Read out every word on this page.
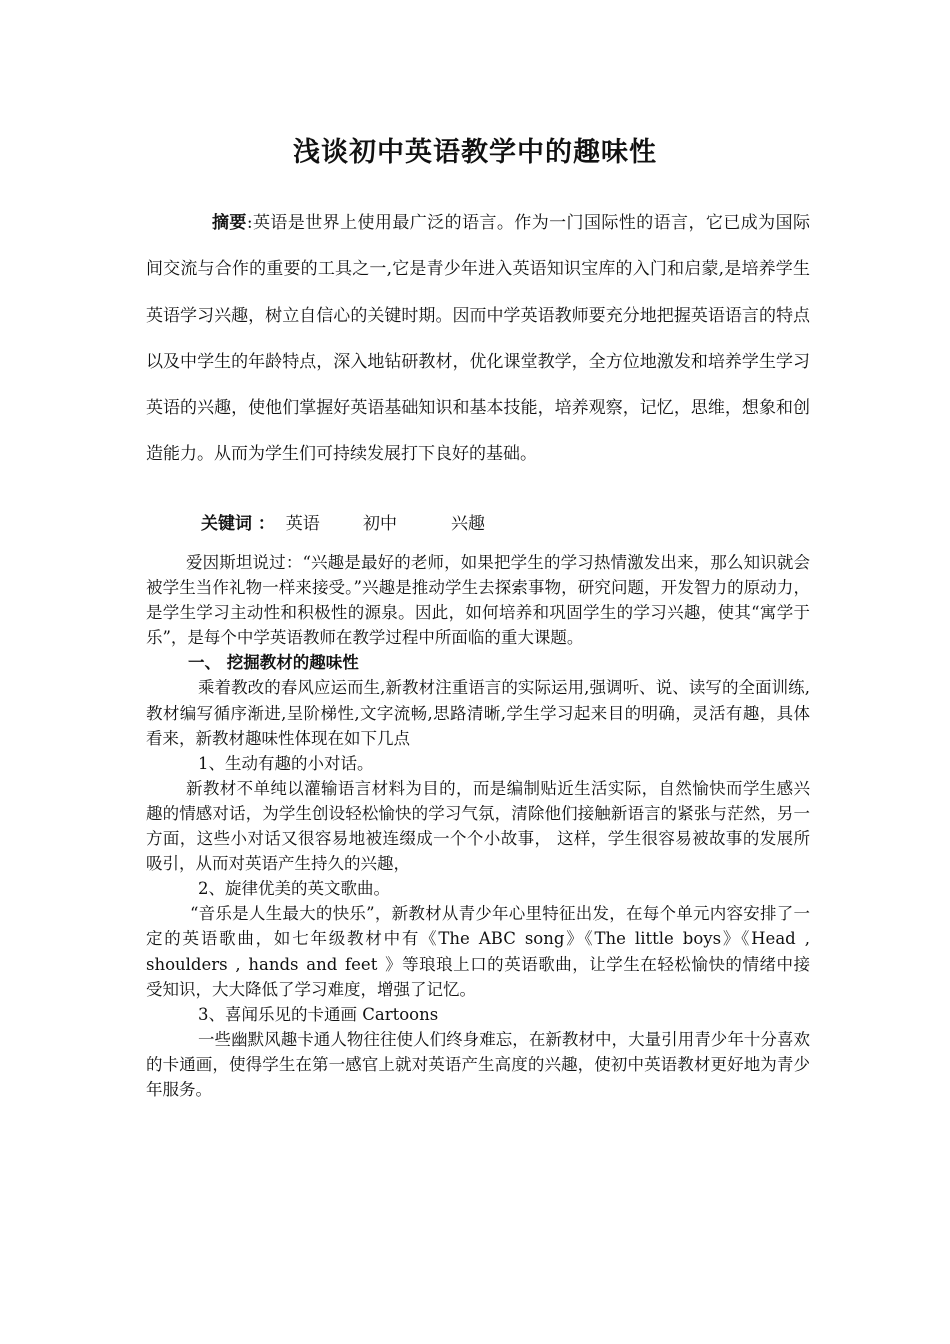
浅谈初中英语教学中的趣味性
摘要:英语是世界上使用最广泛的语言。作为一门国际性的语言，它已成为国际间交流与合作的重要的工具之一,它是青少年进入英语知识宝库的入门和启蒙,是培养学生英语学习兴趣，树立自信心的关键时期。因而中学英语教师要充分地把握英语语言的特点以及中学生的年龄特点，深入地钻研教材，优化课堂教学，全方位地激发和培养学生学习英语的兴趣，使他们掌握好英语基础知识和基本技能，培养观察，记忆，思维，想象和创造能力。从而为学生们可持续发展打下良好的基础。
关键词 ： 英语	初中	兴趣

爱因斯坦说过：“兴趣是最好的老师，如果把学生的学习热情激发出来，那么知识就会被学生当作礼物一样来接受。”兴趣是推动学生去探索事物，研究问题，开发智力的原动力，是学生学习主动性和积极性的源泉。因此，如何培养和巩固学生的学习兴趣，使其“寓学于乐”，是每个中学英语教师在教学过程中所面临的重大课题。

一、 挖掘教材的趣味性

乘着教改的春风应运而生,新教材注重语言的实际运用,强调听、说、读写的全面训练,教材编写循序渐进,呈阶梯性,文字流畅,思路清晰,学生学习起来目的明确，灵活有趣，具体看来，新教材趣味性体现在如下几点

1、生动有趣的小对话。

新教材不单纯以灌输语言材料为目的，而是编制贴近生活实际，自然愉快而学生感兴趣的情感对话，为学生创设轻松愉快的学习气氛，清除他们接触新语言的紧张与茫然，另一方面，这些小对话又很容易地被连缀成一个个小故事， 这样，学生很容易被故事的发展所吸引，从而对英语产生持久的兴趣，

2、旋律优美的英文歌曲。

“音乐是人生最大的快乐”，新教材从青少年心里特征出发，在每个单元内容安排了一定的英语歌曲，如七年级教材中有《The ABC song》《The little boys》《Head , shoulders , hands and feet 》等琅琅上口的英语歌曲，让学生在轻松愉快的情绪中接受知识，大大降低了学习难度，增强了记忆。

3、喜闻乐见的卡通画 Cartoons

一些幽默风趣卡通人物往往使人们终身难忘，在新教材中，大量引用青少年十分喜欢的卡通画，使得学生在第一感官上就对英语产生高度的兴趣，使初中英语教材更好地为青少年服务。
